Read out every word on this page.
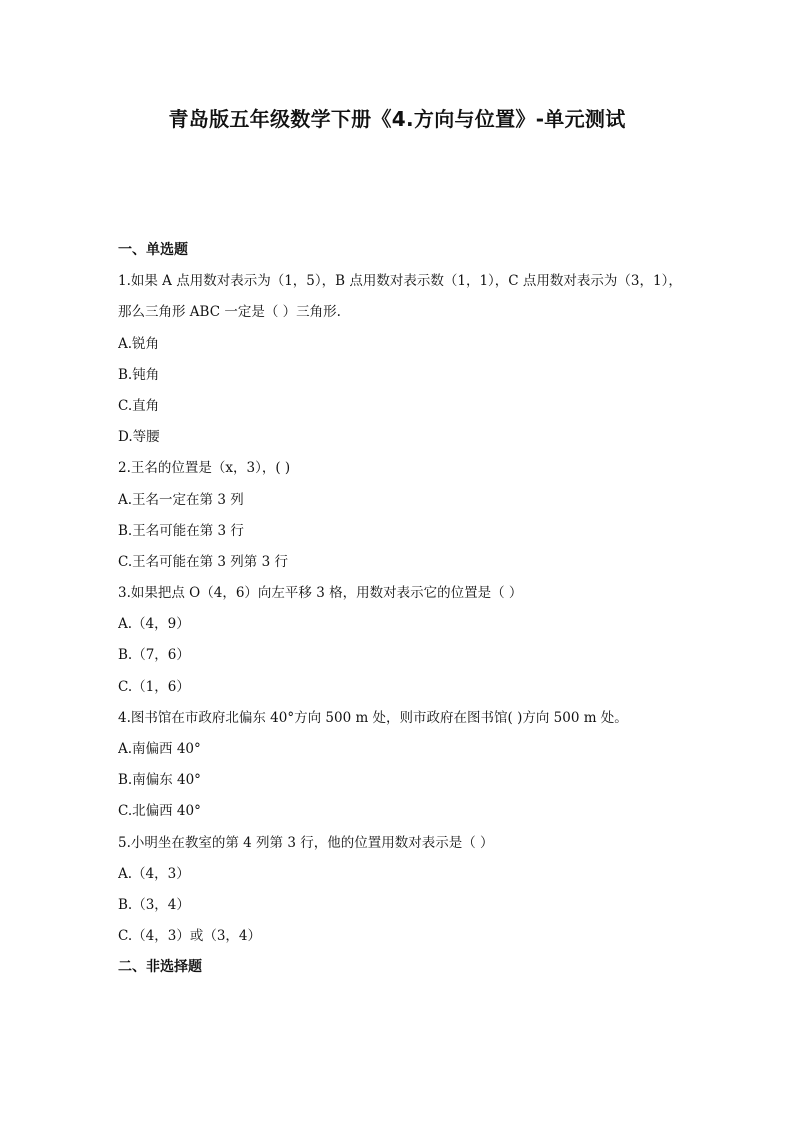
青岛版五年级数学下册《4.方向与位置》-单元测试
一、单选题
1.如果 A 点用数对表示为（1，5），B 点用数对表示数（1，1），C 点用数对表示为（3，1），
那么三角形 ABC 一定是（ ）三角形.
A.锐角
B.钝角
C.直角
D.等腰
2.王名的位置是（x，3），( )
A.王名一定在第 3 列
B.王名可能在第 3 行
C.王名可能在第 3 列第 3 行
3.如果把点 O（4，6）向左平移 3 格，用数对表示它的位置是（ ）
A.（4，9）
B.（7，6）
C.（1，6）
4.图书馆在市政府北偏东 40°方向 500 m 处，则市政府在图书馆( )方向 500 m 处。
A.南偏西 40°
B.南偏东 40°
C.北偏西 40°
5.小明坐在教室的第 4 列第 3 行，他的位置用数对表示是（ ）
A.（4，3）
B.（3，4）
C.（4，3）或（3，4）
二、非选择题
